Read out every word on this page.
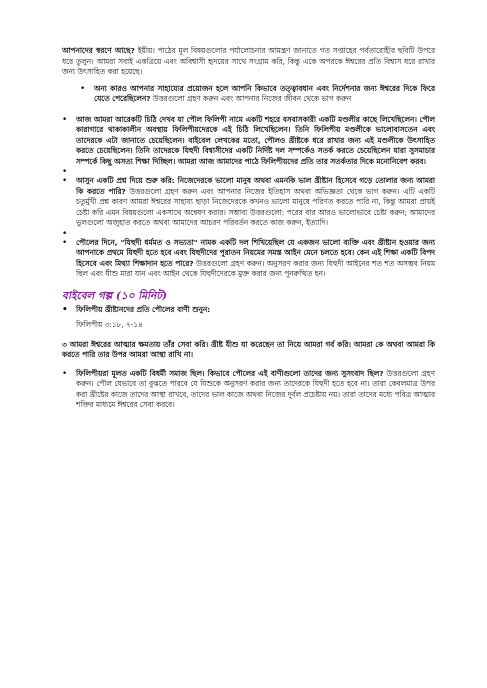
আপনাদের স্বরণে আছে? ইয়ীয়। পাঠের মূল বিষয়গুলোর পর্যালোচনার আমন্ত্রণ জানাতে গত সপ্তাহের পর্বতারোহীর ছবিটি উপরে ধরে তুলুন। আমরা সবাই একত্রিয়ে এবং অবিশ্বাসী হৃদয়ের সাথে সংগ্রাম করি, কিন্তু একে অপরকে ঈশ্বরের প্রতি বিশ্বাস ধরে রাখার জন্য উৎসাহিত করা হয়েছে।

• অন্য কারও আপনার সাহায্যের প্রয়োজন হলে আপনি কিভাবে তত্ত্বাবধান এবং নির্দেশনার জন্য ঈশ্বরের দিকে ফিরে যেতে পেরেছিলেন? উত্তরগুলো গ্রহণ করুন এবং আপনার নিজের জীবন থেকে ভাগ করুন
• আজ আমরা আরেকটি চিঠি দেখব যা পৌল ফিলিপী নামে একটি শহরে বসবাসকারী একটি মণ্ডলীর কাছে লিখেছিলেন। পৌল কারাগারে থাকাকালীন অবস্থায় ফিলিপীয়দেরকে এই চিঠি লিখেছিলেন। তিনি ফিলিপীয় মণ্ডলীকে ভালোবাসতেন এবং তাদেরকে এটা জানাতে চেয়েছিলেন। বাইবেল লেখকের মতো, পৌলও খ্রীষ্টকে ধরে রাখার জন্য এই মণ্ডলীকে উৎসাহিত করতে চেয়েছিলেন। তিনি তাদেরকে যিহুদী বিশ্বাসীদের একটি নির্দিষ্ট দল সম্পর্কেও সতর্ক করতে চেয়েছিলেন যারা সুসমাচার সম্পর্কে কিছু অসত্য শিক্ষা দিচ্ছিল। আমরা আজ আমাদের পাঠে ফিলিপীয়দের প্রতি তার সতর্কতার দিকে মনোনিবেশ করব।
•
• আসুন একটি প্রশ্ন দিয়ে শুরু করি: নিজেদেরকে ভালো মানুষ অথবা এমনকি ভাল খ্রীষ্টান হিসেবে গড়ে তোলার জন্য আমরা কি করতে পারি? উত্তরগুলো গ্রহণ করুন এবং আপনার নিজের ইতিহাস অথবা অভিজ্ঞতা থেকে ভাগ করুন। এটি একটি চতুর্মুখী প্রশ্ন কারণ আমরা ঈশ্বরের সাহায্য ছাড়া নিজেদেরকে কখনও ভালো মানুষে পরিণত করতে পারি না, কিন্তু আমরা প্রায়ই চেষ্টা করি এমন বিষয়গুলো একসাথে অন্বেষণ করার। সম্ভাব্য উত্তরগুলো: পরের বার আরও ভালোভাবে চেষ্টা করুন; আমাদের ভুলগুলো অজুহাত করতে অথবা আমাদের আচরণ পরিবর্তন করতে কাজ করুন, ইত্যাদি।
•
• পৌলের দিনে, "যিহুদী ধর্মমত ও সভ্যতা" নামক একটি দল শিখিয়েছিল যে একজন ভালো ব্যক্তি এবং খ্রীষ্টান হওয়ার জন্য আপনাকে প্রথমে যিহুদী হতে হবে এবং যিহুদীদের পুরাতন নিয়মের সমস্ত আইন মেনে চলতে হবে। কেন এই শিক্ষা একটি বিপদ হিসেবে এবং মিথ্যা শিক্ষাদান হতে পারে? উত্তরগুলো গ্রহণ করুন। অনুসরণ করার জন্য যিহুদী আইনের শত শত অসম্ভব নিয়ম ছিল এবং যীশু মারা যান এবং আইন থেকে যিহুদীদেরকে মুক্ত করার জন্য পুনরুত্থিত হন।
বাইবেল গল্প (১০ মিনিট)
• ফিলিপীয় খ্রীষ্টানদের প্রতি পৌলের বাণী শুনুন:

ফিলিপীয় ৩:১৮, ৭-১৪

৩ আমরা ঈশ্বরের আত্মার ক্ষমতায় তাঁর সেবা করি। খ্রীষ্ট যীশু যা করেছেন তা নিয়ে আমরা গর্ব করি। আমরা কে অথবা আমরা কি করতে পারি তার উপর আমরা আস্থা রাখি না।

• ফিলিপীয়রা মূলত একটি বিধর্মী সমাজ ছিল। কিভাবে পৌলের এই বাণীগুলো তাদের জন্য সুসংবাদ ছিল? উত্তরগুলো গ্রহণ করুন। পৌল যেভাবে তা বুঝতে পারবে যে যিশুকে অনুসরণ করার জন্য তাদেরকে যিহুদী হতে হবে না। তারা কেবলমাত্র উপর করা খ্রীষ্টের কাজে তাদের আস্থা রাখবে, তাদের ভাল কাজে অথবা নিজের দুর্বল প্রচেষ্টায় নয়। তারা তাদের মধ্যে পবিত্র আত্মার শক্তির মাধ্যমে ঈশ্বরের সেবা করবে।
